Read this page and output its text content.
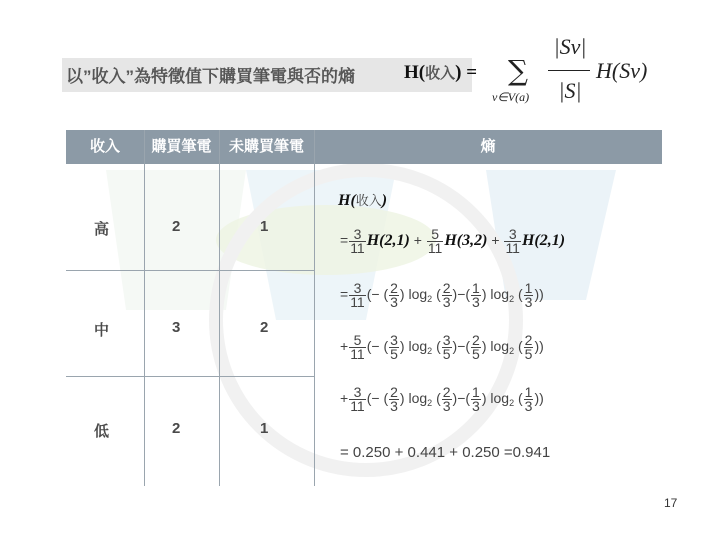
以”收入”為特徵值下購買筆電與否的熵	H(收入) = ∑
v∈V(a)
|Sv|
|S|
H(Sv)
收入	購買筆電	未購買筆電	熵
高	2	1
中	3	2
低	2	1
H(收入)
= $\frac{3}{11} H(2,1) + \frac{5}{11} H(3,2) + \frac{3}{11} H(2,1)$
= $\frac{3}{11}$ (− ( $\frac{2}{3}$ ) $\log_2$ ( $\frac{2}{3}$ )−( $\frac{1}{3}$ ) $\log_2$ ( $\frac{1}{3}$ ))
+ $\frac{5}{11}$ (− ( $\frac{3}{5}$ ) $\log_2$ ( $\frac{3}{5}$ )−( $\frac{2}{5}$ ) $\log_2$ ( $\frac{2}{5}$ ))
+ $\frac{3}{11}$ (− ( $\frac{2}{3}$ ) $\log_2$ ( $\frac{2}{3}$ )−( $\frac{1}{3}$ ) $\log_2$ ( $\frac{1}{3}$ ))
= 0.250 + 0.441 + 0.250 =0.941
17
